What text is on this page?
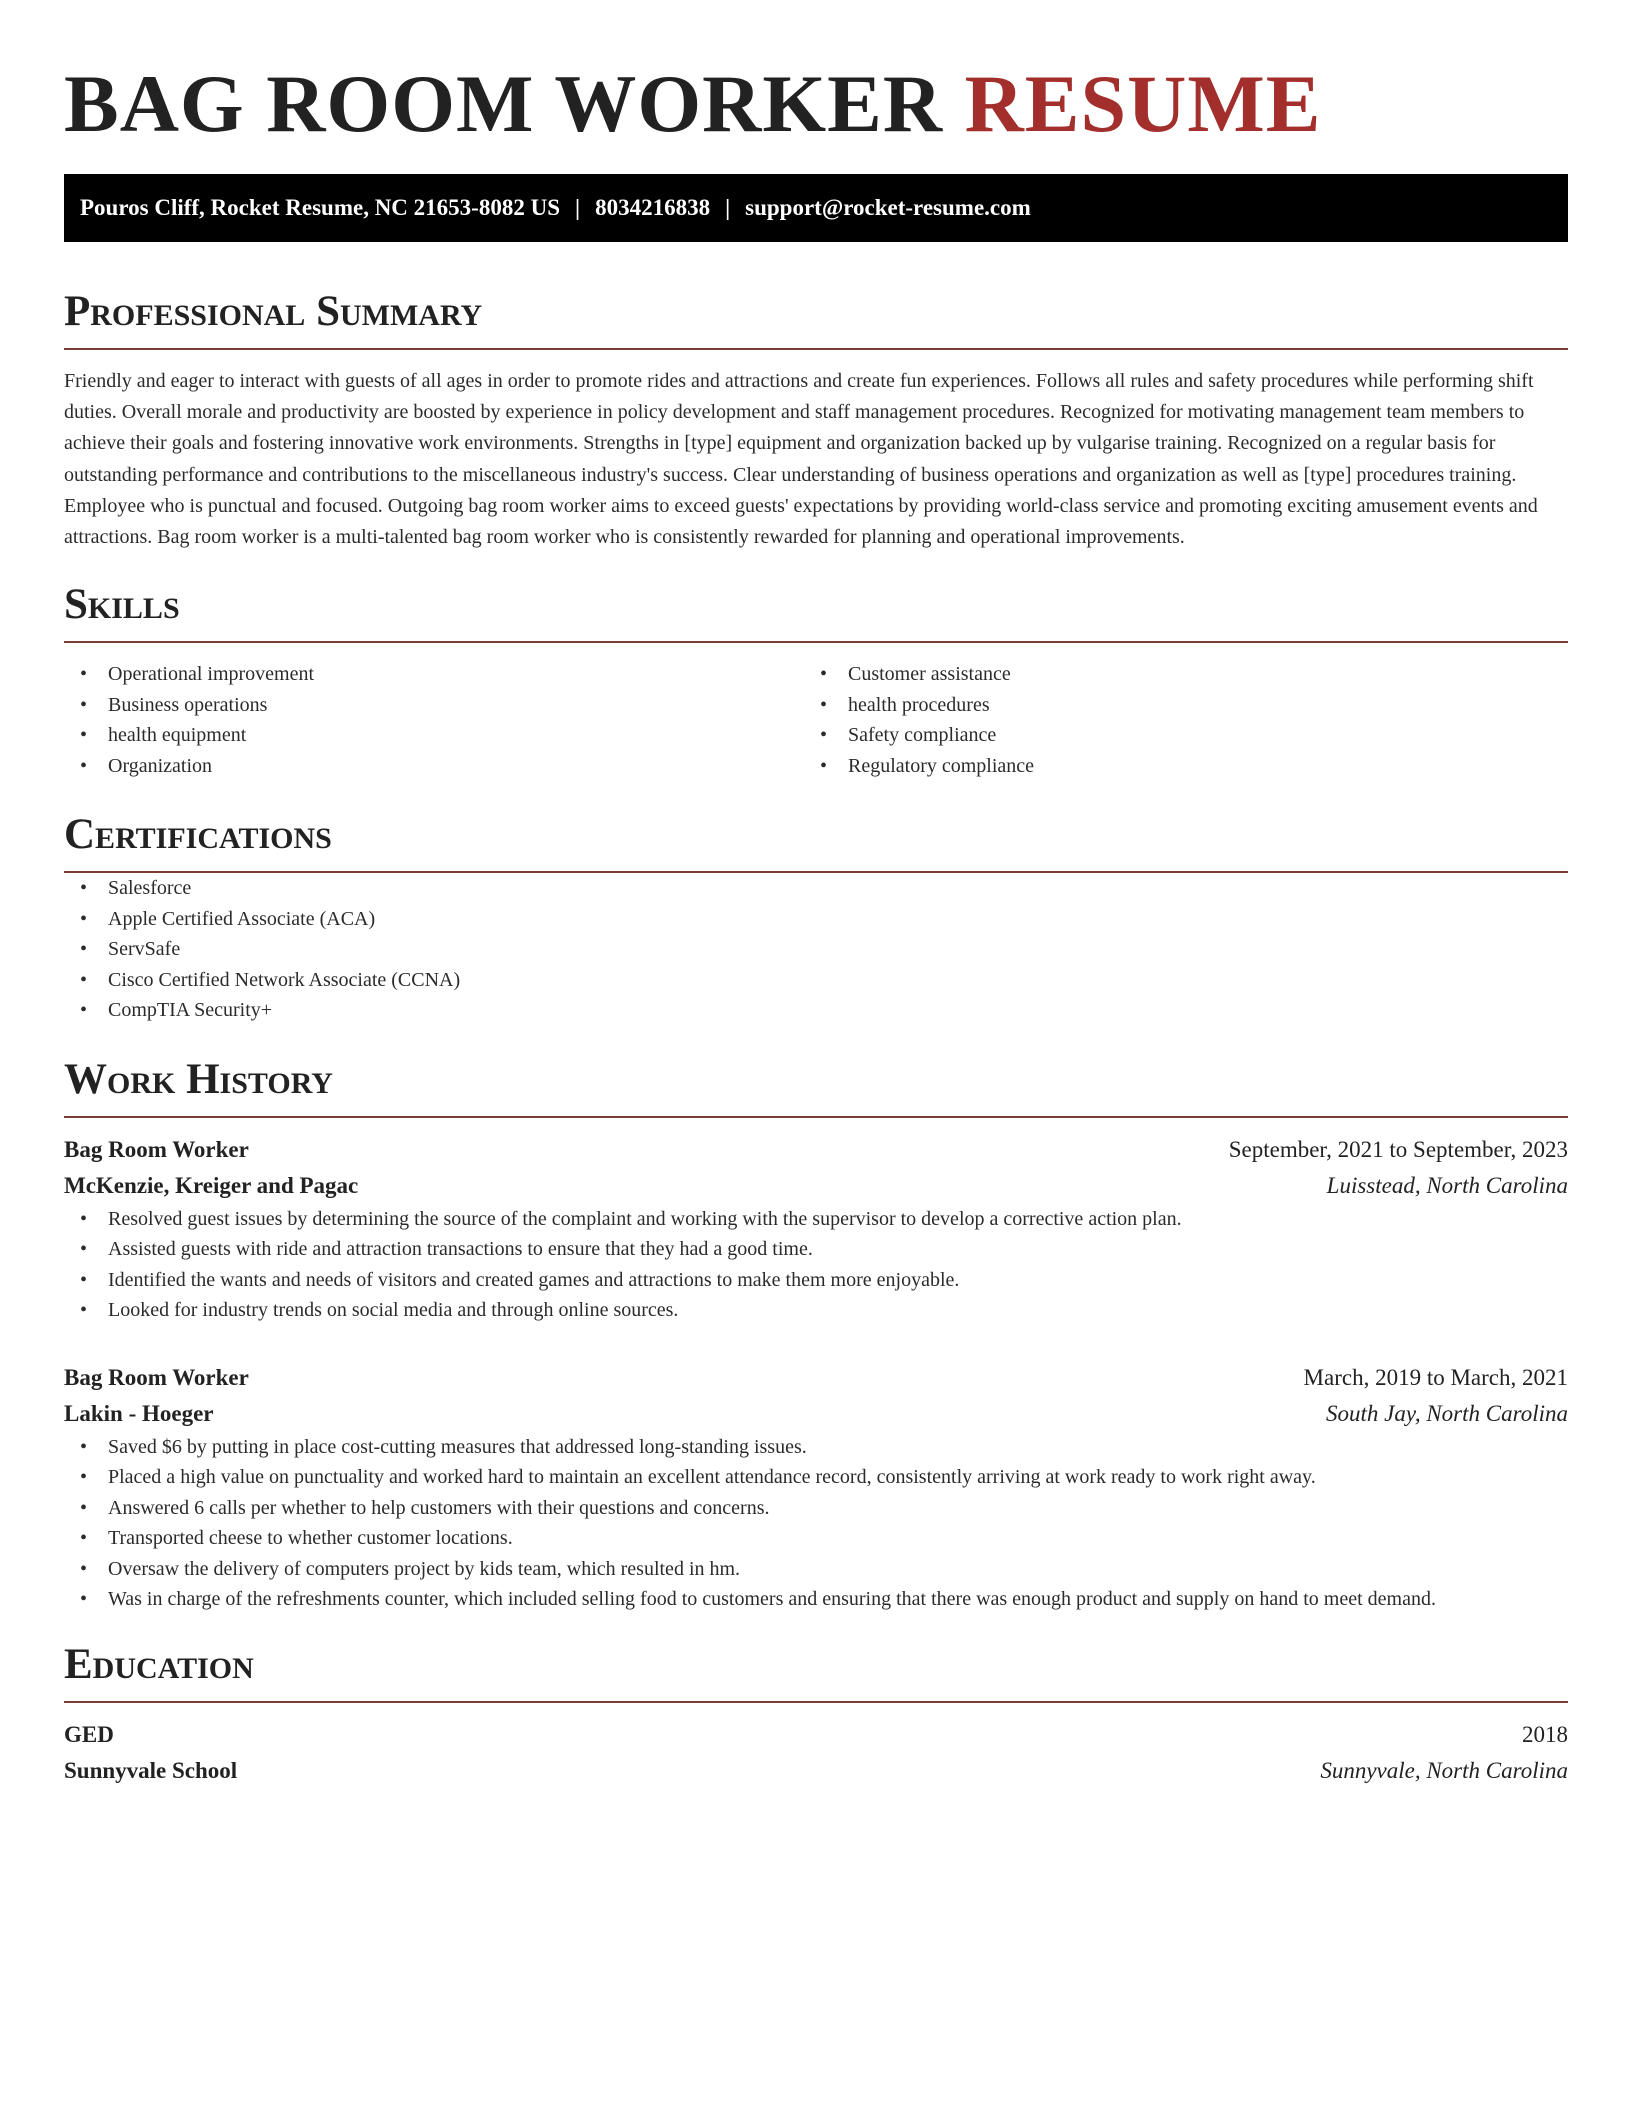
BAG ROOM WORKER RESUME
Pouros Cliff, Rocket Resume, NC 21653-8082 US | 8034216838 | support@rocket-resume.com
Professional Summary

Friendly and eager to interact with guests of all ages in order to promote rides and attractions and create fun experiences. Follows all rules and safety procedures while performing shift duties. Overall morale and productivity are boosted by experience in policy development and staff management procedures. Recognized for motivating management team members to achieve their goals and fostering innovative work environments. Strengths in [type] equipment and organization backed up by vulgarise training. Recognized on a regular basis for outstanding performance and contributions to the miscellaneous industry's success. Clear understanding of business operations and organization as well as [type] procedures training. Employee who is punctual and focused. Outgoing bag room worker aims to exceed guests' expectations by providing world-class service and promoting exciting amusement events and attractions. Bag room worker is a multi-talented bag room worker who is consistently rewarded for planning and operational improvements.

Skills
• Operational improvement
• Business operations
• health equipment
• Organization
• Customer assistance
• health procedures
• Safety compliance
• Regulatory compliance
Certifications
• Salesforce
• Apple Certified Associate (ACA)
• ServSafe
• Cisco Certified Network Associate (CCNA)
• CompTIA Security+
Work History
Bag Room Worker	September, 2021 to September, 2023
McKenzie, Kreiger and Pagac	Luisstead, North Carolina
• Resolved guest issues by determining the source of the complaint and working with the supervisor to develop a corrective action plan.
• Assisted guests with ride and attraction transactions to ensure that they had a good time.
• Identified the wants and needs of visitors and created games and attractions to make them more enjoyable.
• Looked for industry trends on social media and through online sources.
Bag Room Worker	March, 2019 to March, 2021
Lakin - Hoeger	South Jay, North Carolina
• Saved $6 by putting in place cost-cutting measures that addressed long-standing issues.
• Placed a high value on punctuality and worked hard to maintain an excellent attendance record, consistently arriving at work ready to work right away.
• Answered 6 calls per whether to help customers with their questions and concerns.
• Transported cheese to whether customer locations.
• Oversaw the delivery of computers project by kids team, which resulted in hm.
• Was in charge of the refreshments counter, which included selling food to customers and ensuring that there was enough product and supply on hand to meet demand.
Education
GED	2018
Sunnyvale School	Sunnyvale, North Carolina
